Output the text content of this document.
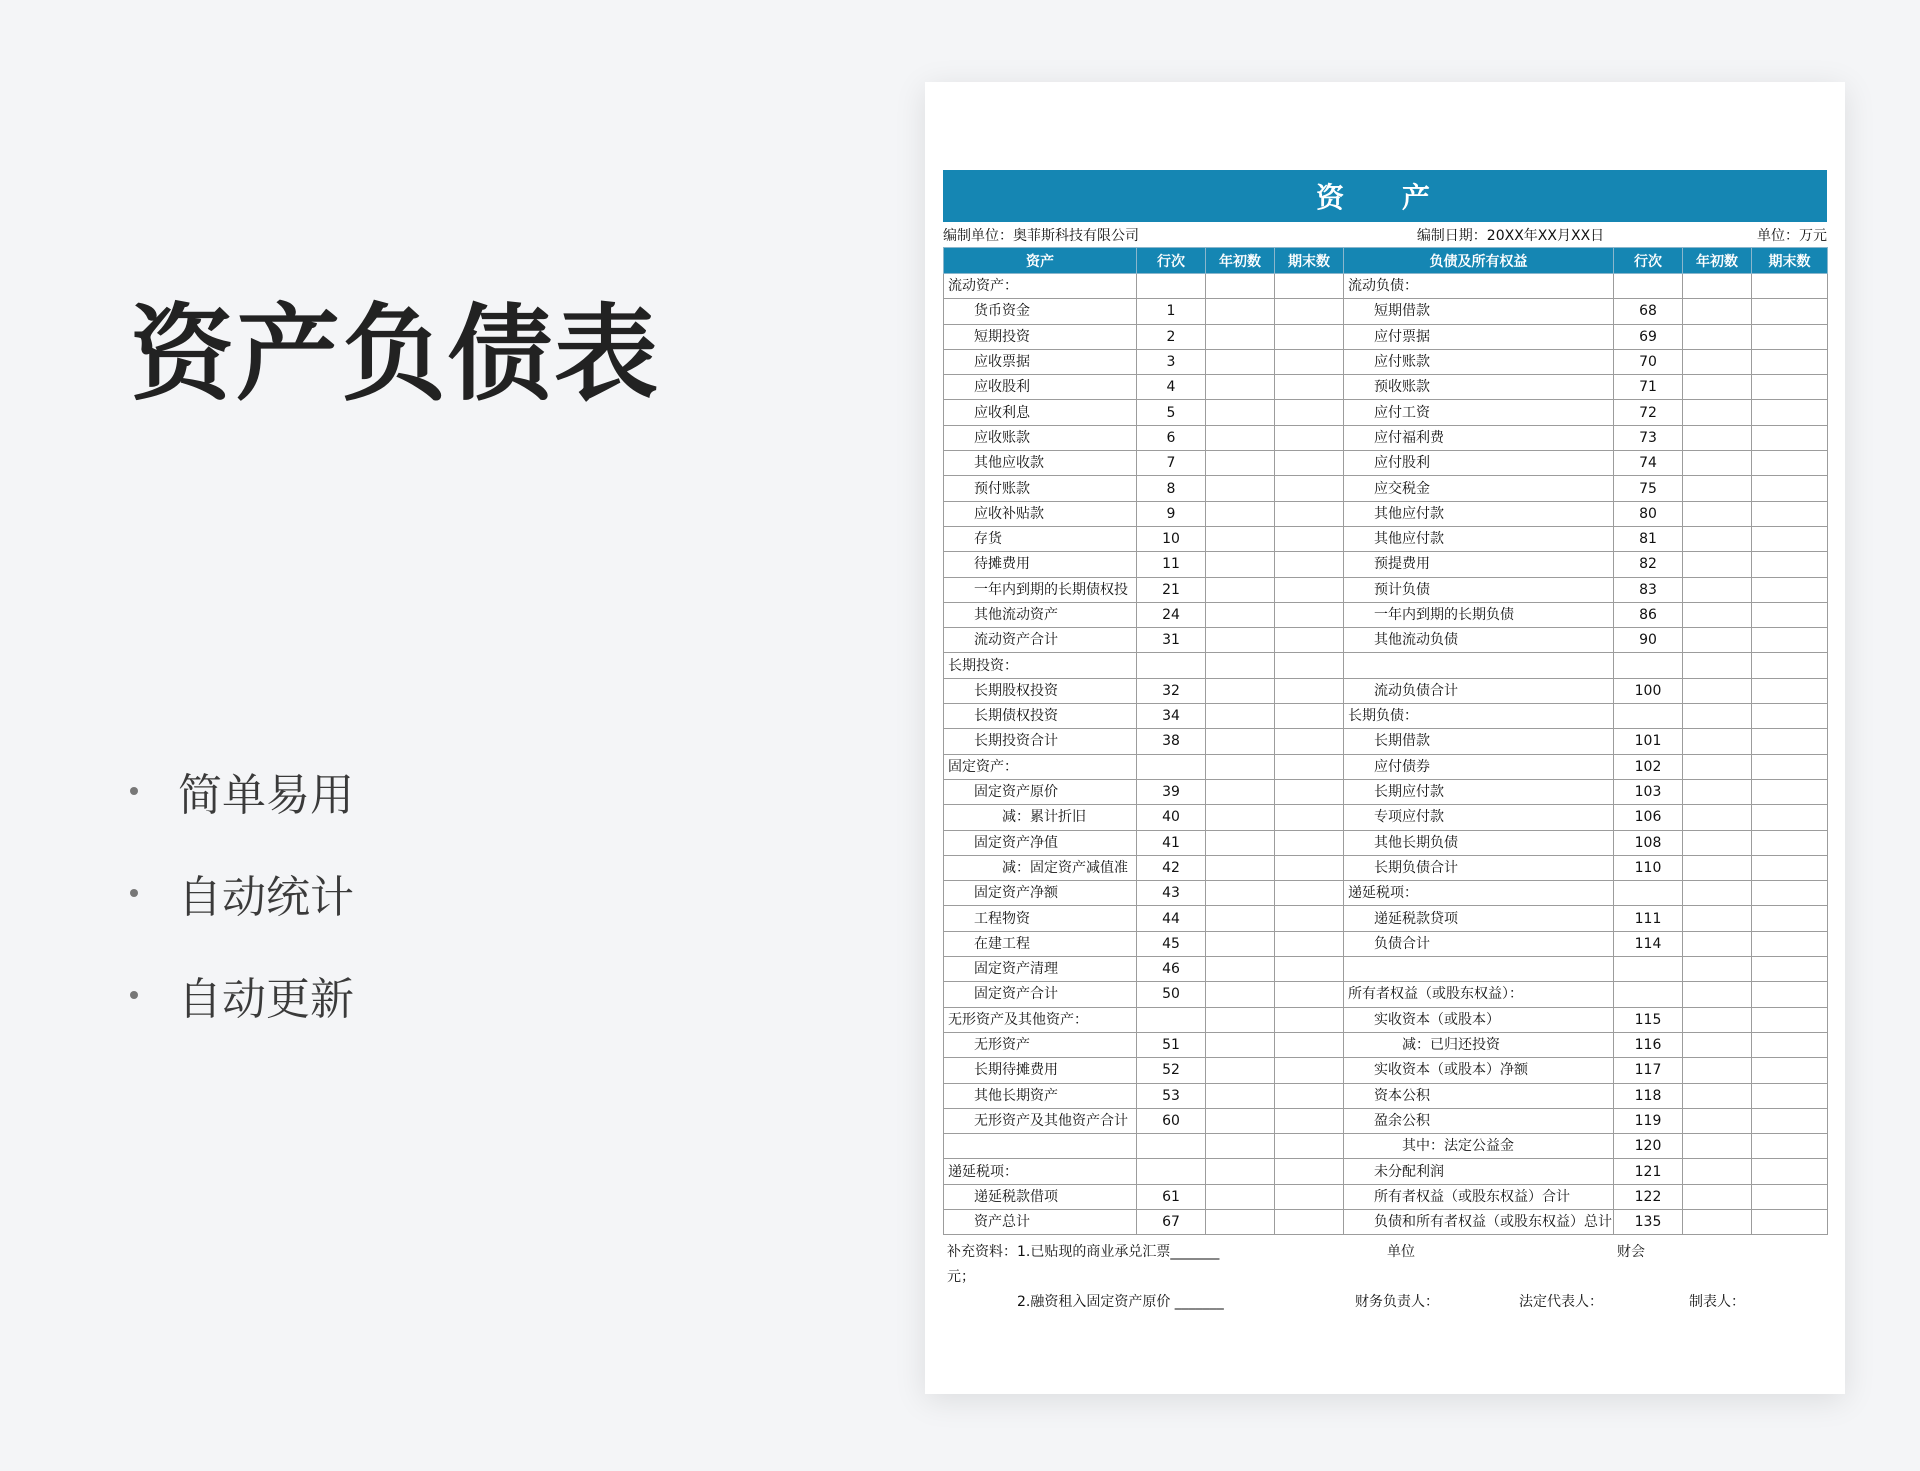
资产负债表
简单易用
自动统计
自动更新
资 产
编制单位：奥菲斯科技有限公司	编制日期：20XX年XX月XX日	单位：万元
资产	行次	年初数	期末数	负债及所有权益	行次	年初数	期末数
流动资产：				流动负债：			
货币资金	1			短期借款	68		
短期投资	2			应付票据	69		
应收票据	3			应付账款	70		
应收股利	4			预收账款	71		
应收利息	5			应付工资	72		
应收账款	6			应付福利费	73		
其他应收款	7			应付股利	74		
预付账款	8			应交税金	75		
应收补贴款	9			其他应付款	80		
存货	10			其他应付款	81		
待摊费用	11			预提费用	82		
一年内到期的长期债权投	21			预计负债	83		
其他流动资产	24			一年内到期的长期负债	86		
流动资产合计	31			其他流动负债	90		
长期投资：							
长期股权投资	32			流动负债合计	100		
长期债权投资	34			长期负债：			
长期投资合计	38			长期借款	101		
固定资产：				应付债券	102		
固定资产原价	39			长期应付款	103		
减：累计折旧	40			专项应付款	106		
固定资产净值	41			其他长期负债	108		
减：固定资产减值准	42			长期负债合计	110		
固定资产净额	43			递延税项：			
工程物资	44			递延税款贷项	111		
在建工程	45			负债合计	114		
固定资产清理	46						
固定资产合计	50			所有者权益（或股东权益）：			
无形资产及其他资产：				实收资本（或股本）	115		
无形资产	51			减：已归还投资	116		
长期待摊费用	52			实收资本（或股本）净额	117		
其他长期资产	53			资本公积	118		
无形资产及其他资产合计	60			盈余公积	119		
				其中：法定公益金	120		
递延税项：				未分配利润	121		
递延税款借项	61			所有者权益（或股东权益）合计	122		
资产总计	67			负债和所有者权益（或股东权益）总计	135		
补充资料：1.已贴现的商业承兑汇票_______
元；
2.融资租入固定资产原价 _______
单位	财会
财务负责人：	法定代表人：	制表人：
